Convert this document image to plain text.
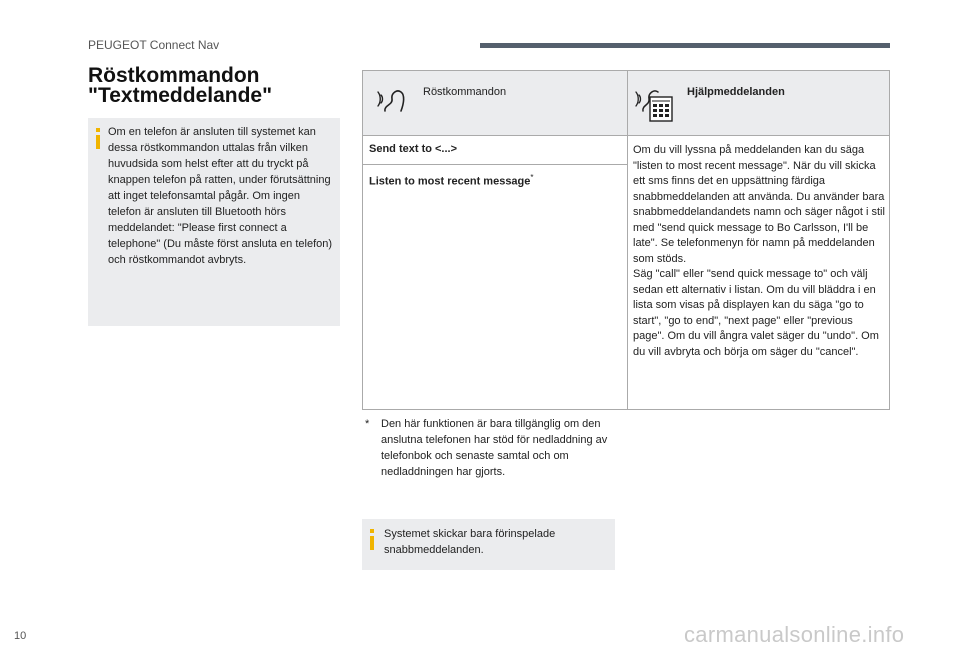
PEUGEOT Connect Nav
Röstkommandon
"Textmeddelande"
Om en telefon är ansluten till systemet kan dessa röstkommandon uttalas från vilken huvudsida som helst efter att du tryckt på knappen telefon på ratten, under förutsättning att inget telefonsamtal pågår. Om ingen telefon är ansluten till Bluetooth hörs meddelandet: "Please first connect a telephone" (Du måste först ansluta en telefon) och röstkommandot avbryts.
Röstkommandon	Hjälpmeddelanden
Send text to <...>
Listen to most recent message*
Om du vill lyssna på meddelanden kan du säga "listen to most recent message". När du vill skicka ett sms finns det en uppsättning färdiga snabbmeddelanden att använda. Du använder bara snabbmeddelandandets namn och säger något i stil med "send quick message to Bo Carlsson, I'll be late". Se telefonmenyn för namn på meddelanden som stöds.
Säg "call" eller "send quick message to" och välj sedan ett alternativ i listan. Om du vill bläddra i en lista som visas på displayen kan du säga "go to start", "go to end", "next page" eller "previous page". Om du vill ångra valet säger du "undo". Om du vill avbryta och börja om säger du "cancel".
* Den här funktionen är bara tillgänglig om den anslutna telefonen har stöd för nedladdning av telefonbok och senaste samtal och om nedladdningen har gjorts.
Systemet skickar bara förinspelade snabbmeddelanden.
10	carmanualsonline.info
